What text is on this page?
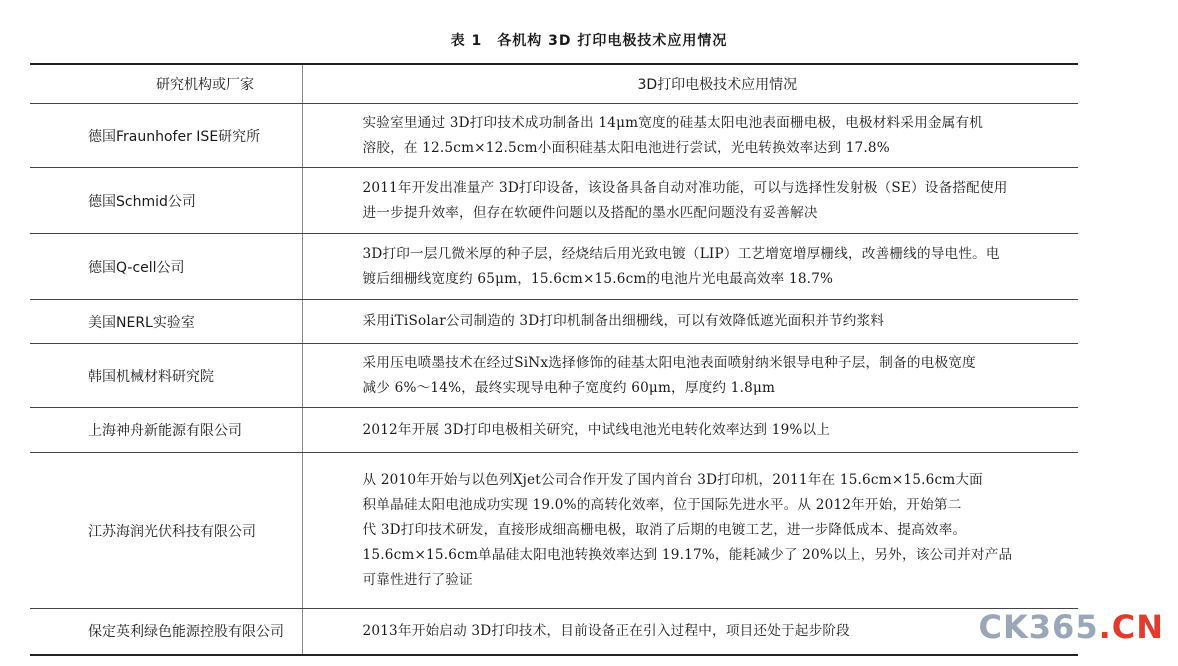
表 1　各机构 3D 打印电极技术应用情况
研究机构或厂家	3D打印电极技术应用情况
德国Fraunhofer ISE研究所	实验室里通过 3D打印技术成功制备出 14μm宽度的硅基太阳电池表面栅电极，电极材料采用金属有机
溶胶，在 12.5cm×12.5cm小面积硅基太阳电池进行尝试，光电转换效率达到 17.8%

德国Schmid公司	2011年开发出准量产 3D打印设备，该设备具备自动对准功能，可以与选择性发射极（SE）设备搭配使用
进一步提升效率，但存在软硬件问题以及搭配的墨水匹配问题没有妥善解决

德国Q-cell公司	3D打印一层几微米厚的种子层，经烧结后用光致电镀（LIP）工艺增宽增厚栅线，改善栅线的导电性。电
镀后细栅线宽度约 65μm，15.6cm×15.6cm的电池片光电最高效率 18.7%

美国NERL实验室	采用iTiSolar公司制造的 3D打印机制备出细栅线，可以有效降低遮光面积并节约浆料

韩国机械材料研究院	采用压电喷墨技术在经过SiNx选择修饰的硅基太阳电池表面喷射纳米银导电种子层，制备的电极宽度
减少 6%～14%，最终实现导电种子宽度约 60μm，厚度约 1.8μm

上海神舟新能源有限公司	2012年开展 3D打印电极相关研究，中试线电池光电转化效率达到 19%以上

江苏海润光伏科技有限公司	从 2010年开始与以色列Xjet公司合作开发了国内首台 3D打印机，2011年在 15.6cm×15.6cm大面
积单晶硅太阳电池成功实现 19.0%的高转化效率，位于国际先进水平。从 2012年开始，开始第二
代 3D打印技术研发，直接形成细高栅电极，取消了后期的电镀工艺，进一步降低成本、提高效率。
15.6cm×15.6cm单晶硅太阳电池转换效率达到 19.17%，能耗减少了 20%以上，另外，该公司并对产品
可靠性进行了验证

保定英利绿色能源控股有限公司	2013年开始启动 3D打印技术，目前设备正在引入过程中，项目还处于起步阶段	CK365.CN
